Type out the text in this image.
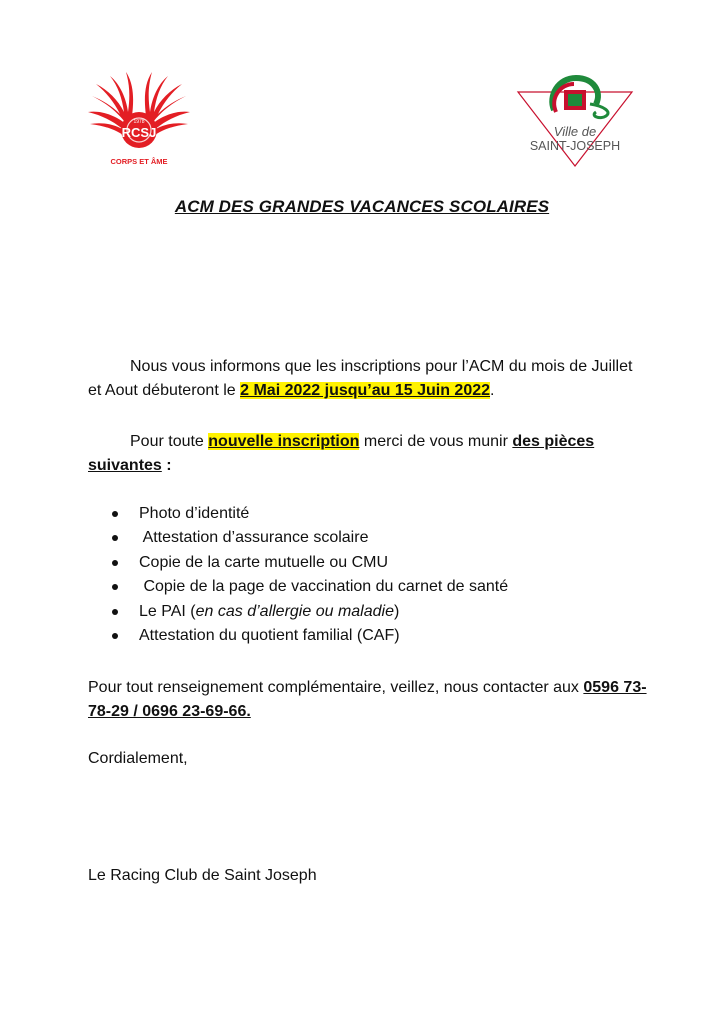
1978
RCSJ
CORPS ET ÂME
Ville de
SAINT-JOSEPH
ACM DES GRANDES VACANCES SCOLAIRES
Nous vous informons que les inscriptions pour l’ACM du mois de Juillet et Aout débuteront le 2 Mai 2022 jusqu’au 15 Juin 2022.
Pour toute nouvelle inscription merci de vous munir des pièces suivantes :
Photo d’identité
Attestation d’assurance scolaire
Copie de la carte mutuelle ou CMU
Copie de la page de vaccination du carnet de santé
Le PAI (en cas d’allergie ou maladie)
Attestation du quotient familial (CAF)
Pour tout renseignement complémentaire, veillez, nous contacter aux 0596 73-78-29 / 0696 23-69-66.
Cordialement,
Le Racing Club de Saint Joseph
